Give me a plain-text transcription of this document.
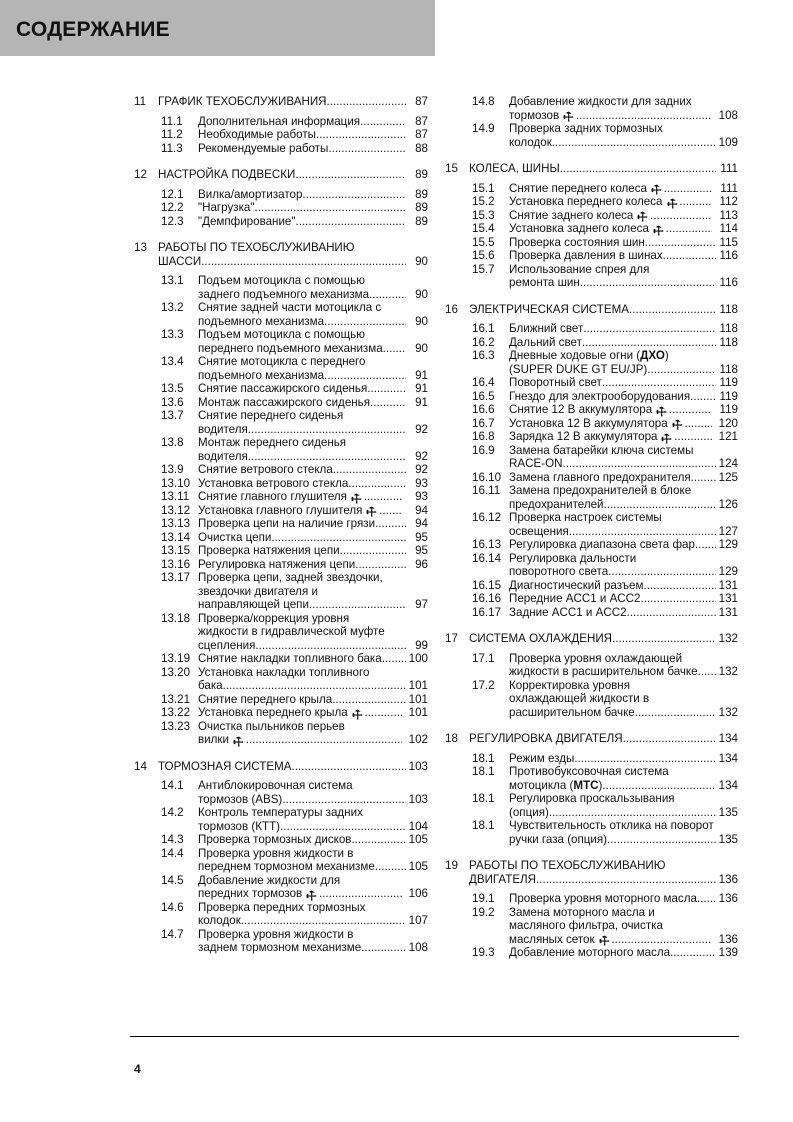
СОДЕРЖАНИЕ
11	ГРАФИК ТЕХОБСЛУЖИВАНИЯ .....	87
11.1	Дополнительная информация .....	87
11.2	Необходимые работы .....	87
11.3	Рекомендуемые работы .....	88
12 НАСТРОЙКА ПОДВЕСКИ .....	89
12.1	Вилка/амортизатор .....	89
12.2	"Нагрузка" .....	89
12.3	"Демпфирование" .....	89
13 РАБОТЫ ПО ТЕХОБСЛУЖИВАНИЮ
ШАССИ .....	90
13.1	Подъем мотоцикла с помощью
заднего подъемного механизма .....	90
13.2	Снятие задней части мотоцикла с
подъемного механизма .....	90
13.3	Подъем мотоцикла с помощью
переднего подъемного механизма .....	90
13.4	Снятие мотоцикла с переднего
подъемного механизма .....	91
13.5	Снятие пассажирского сиденья .....	91
13.6	Монтаж пассажирского сиденья .....	91
13.7	Снятие переднего сиденья
водителя .....	92
13.8	Монтаж переднего сиденья
водителя .....	92
13.9	Снятие ветрового стекла .....	92
13.10 Установка ветрового стекла .....	93
13.11 Снятие главного глушителя ⚒ .....	93
13.12 Установка главного глушителя ⚒ .....	94
13.13 Проверка цепи на наличие грязи .....	94
13.14 Очистка цепи .....	95
13.15 Проверка натяжения цепи .....	95
13.16 Регулировка натяжения цепи .....	96
13.17 Проверка цепи, задней звездочки,
звездочки двигателя и
направляющей цепи .....	97
13.18 Проверка/коррекция уровня
жидкости в гидравлической муфте
сцепления .....	99
13.19 Снятие накладки топливного бака ..... 100
13.20 Установка накладки топливного
бака .....	101
13.21 Снятие переднего крыла .....	101
13.22 Установка переднего крыла ⚒ .....	101
13.23 Очистка пыльников перьев
вилки ⚒ .....	102
14 ТОРМОЗНАЯ СИСТЕМА .....	103
14.1	Антиблокировочная система
тормозов (ABS) .....	103
14.2	Контроль температуры задних
тормозов (КТТ) .....	104
14.3	Проверка тормозных дисков .....	105
14.4	Проверка уровня жидкости в
переднем тормозном механизме .....	105
14.5	Добавление жидкости для
передних тормозов ⚒ .....	106
14.6	Проверка передних тормозных
колодок .....	107
14.7	Проверка уровня жидкости в
заднем тормозном механизме .....	108
14.8	Добавление жидкости для задних
тормозов ⚒ .....	108
14.9	Проверка задних тормозных
колодок .....	109
15 КОЛЕСА, ШИНЫ .....	111
15.1	Снятие переднего колеса ⚒ .....	111
15.2	Установка переднего колеса ⚒ .....	112
15.3	Снятие заднего колеса ⚒ .....	113
15.4	Установка заднего колеса ⚒ .....	114
15.5	Проверка состояния шин .....	115
15.6	Проверка давления в шинах .....	116
15.7	Использование спрея для
ремонта шин .....	116
16 ЭЛЕКТРИЧЕСКАЯ СИСТЕМА .....	118
16.1	Ближний свет .....	118
16.2	Дальний свет .....	118
16.3	Дневные ходовые огни (ДХО)
(SUPER DUKE GT EU/JP) .....	118
16.4	Поворотный свет .....	119
16.5	Гнездо для электрооборудования .....	119
16.6	Снятие 12 В аккумулятора ⚒ .....	119
16.7	Установка 12 В аккумулятора ⚒ .....	120
16.8	Зарядка 12 В аккумулятора ⚒ .....	121
16.9	Замена батарейки ключа системы
RACE-ON .....	124
16.10 Замена главного предохранителя ..... 125
16.11 Замена предохранителей в блоке
предохранителей .....	126
16.12 Проверка настроек системы
освещения .....	127
16.13 Регулировка диапазона света фар ..... 129
16.14 Регулировка дальности
поворотного света .....	129
16.15 Диагностический разъем .....	131
16.16 Передние ACC1 и ACC2 .....	131
16.17 Задние ACC1 и ACC2 .....	131
17 СИСТЕМА ОХЛАЖДЕНИЯ .....	132
17.1	Проверка уровня охлаждающей
жидкости в расширительном бачке ..... 132
17.2	Корректировка уровня
охлаждающей жидкости в
расширительном бачке .....	132
18 РЕГУЛИРОВКА ДВИГАТЕЛЯ .....	134
18.1	Режим езды .....	134
18.1	Противобуксовочная система
мотоцикла (MTC) .....	134
18.1	Регулировка проскальзывания
(опция) .....	135
18.1	Чувствительность отклика на поворот
ручки газа (опция) .....	135
19 РАБОТЫ ПО ТЕХОБСЛУЖИВАНИЮ
ДВИГАТЕЛЯ .....	136
19.1	Проверка уровня моторного масла ..... 136
19.2	Замена моторного масла и
масляного фильтра, очистка
масляных сеток ⚒ .....	136
19.3	Добавление моторного масла .....	139
4
